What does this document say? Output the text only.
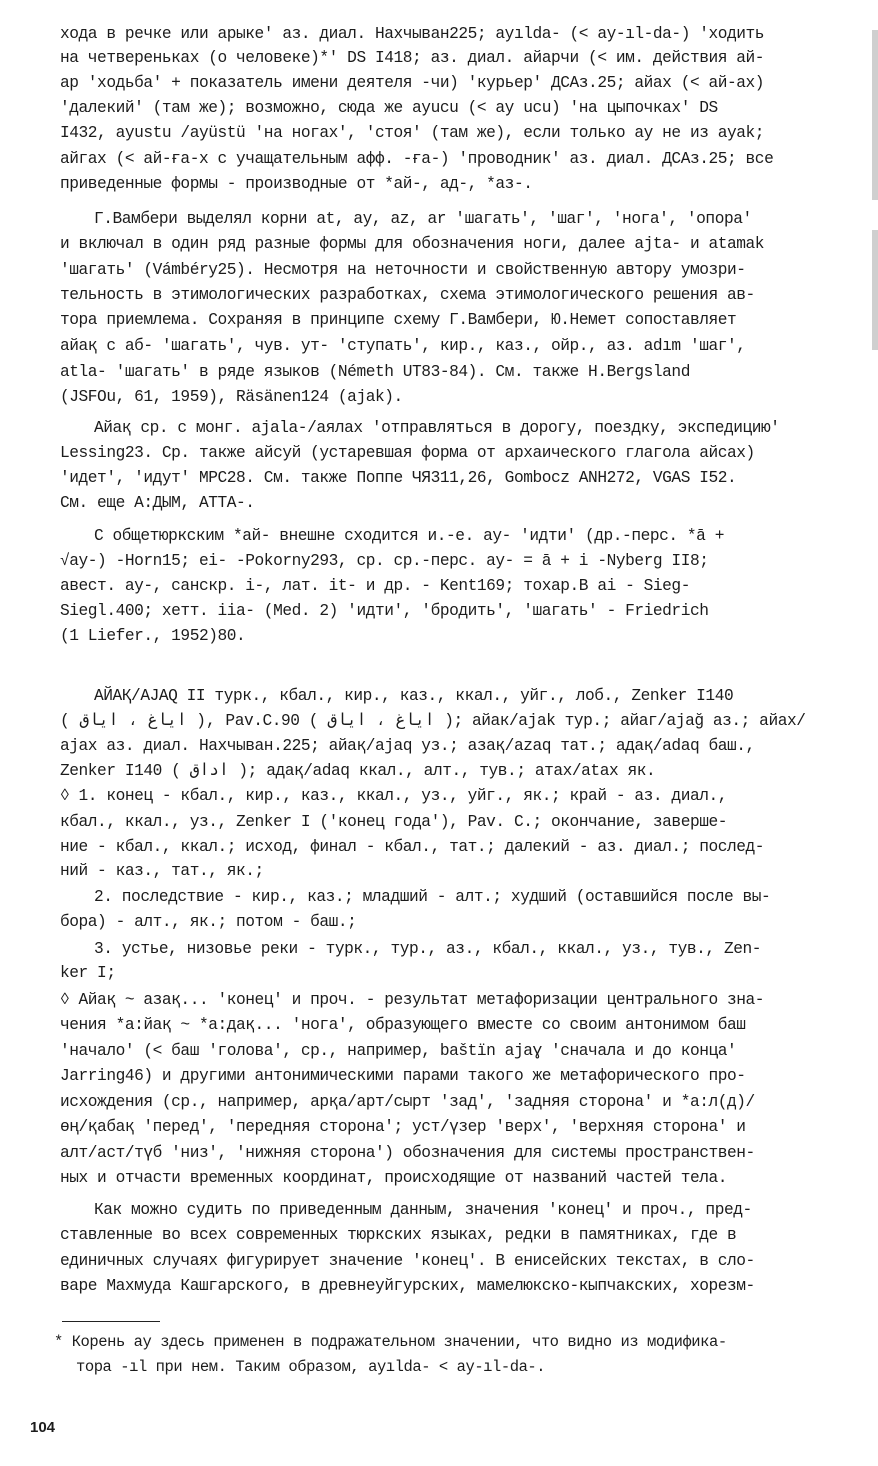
хода в речке или арыке' аз. диал. Нахчыван225; ayılda- (< ay-ıl-da-) 'ходить
на четвереньках (о человеке)*' DS I418; аз. диал. айарчи (< им. действия ай-
ар 'ходьба' + показатель имени деятеля -чи) 'курьер' ДСАз.25; айах (< ай-ах)
'далекий' (там же); возможно, сюда же ayucu (< ay ucu) 'на цыпочках' DS
I432, ayustu /ayüstü 'на ногах', 'стоя' (там же), если только ay не из ayak;
айгах (< ай-ға-х с учащательным афф. -ға-) 'проводник' аз. диал. ДСАз.25; все
приведенные формы - производные от *ай-, ад-, *аз-.
Г.Вамбери выделял корни at, ay, az, ar 'шагать', 'шаг', 'нога', 'опора'
и включал в один ряд разные формы для обозначения ноги, далее ajta- и atamak
'шагать' (Vámbéry25). Несмотря на неточности и свойственную автору умозри-
тельность в этимологических разработках, схема этимологического решения ав-
тора приемлема. Сохраняя в принципе схему Г.Вамбери, Ю.Немет сопоставляет
айақ с аб- 'шагать', чув. ут- 'ступать', кир., каз., ойр., аз. adım 'шаг',
atla- 'шагать' в ряде языков (Németh UT83-84). См. также H.Bergsland
(JSFOu, 61, 1959), Räsänen124 (ajak).
Айақ ср. с монг. ajala-/аялах 'отправляться в дорогу, поездку, экспедицию'
Lessing23. Ср. также айсуй (устаревшая форма от архаического глагола айсах)
'идет', 'идут' МРС28. См. также Поппе ЧЯ311,26, Gombocz ANH272, VGAS I52.
См. еще А:ДЫМ, АТТА-.
С общетюркским *ай- внешне сходится и.-е. ay- 'идти' (др.-перс. *ā +
√ay-) -Horn15; ei- -Pokorny293, ср. ср.-перс. ay- = ā + i -Nyberg II8;
авест. ay-, санскр. i-, лат. it- и др. - Kent169; тохар.В ai - Sieg-
Siegl.400; хетт. iia- (Med. 2) 'идти', 'бродить', 'шагать' - Friedrich
(1 Liefer., 1952)80.
АЙАҚ/AJAQ II турк., кбал., кир., каз., ккал., уйг., лоб., Zenker I140
( اياغ ، اياق ), Pav.C.90 ( اياغ ، اياق ); айак/ajak тур.; айаг/ajağ аз.; айах/
ajax аз. диал. Нахчыван.225; айақ/ajaq уз.; азақ/azaq тат.; адақ/adaq баш.,
Zenker I140 ( اداق ); адақ/adaq ккал., алт., тув.; атах/atax як.
◊ 1. конец - кбал., кир., каз., ккал., уз., уйг., як.; край - аз. диал.,
кбал., ккал., уз., Zenker I ('конец года'), Pav. C.; окончание, заверше-
ние - кбал., ккал.; исход, финал - кбал., тат.; далекий - аз. диал.; послед-
ний - каз., тат., як.;
2. последствие - кир., каз.; младший - алт.; худший (оставшийся после вы-
бора) - алт., як.; потом - баш.;
3. устье, низовье реки - турк., тур., аз., кбал., ккал., уз., тув., Zen-
ker I;
◊ Айақ ~ азақ... 'конец' и проч. - результат метафоризации центрального зна-
чения *а:йақ ~ *а:дақ... 'нога', образующего вместе со своим антонимом баш
'начало' (< баш 'голова', ср., например, baštïn ajaɣ 'сначала и до конца'
Jarring46) и другими антонимическими парами такого же метафорического про-
исхождения (ср., например, арқа/арт/сырт 'зад', 'задняя сторона' и *а:л(д)/
өң/қабақ 'перед', 'передняя сторона'; уст/үзер 'верх', 'верхняя сторона' и
алт/аст/түб 'низ', 'нижняя сторона') обозначения для системы пространствен-
ных и отчасти временных координат, происходящие от названий частей тела.
Как можно судить по приведенным данным, значения 'конец' и проч., пред-
ставленные во всех современных тюркских языках, редки в памятниках, где в
единичных случаях фигурирует значение 'конец'. В енисейских текстах, в сло-
варе Махмуда Кашгарского, в древнеуйгурских, мамелюкско-кыпчакских, хорезм-
* Корень ay здесь применен в подражательном значении, что видно из модифика-
тора -ıl при нем. Таким образом, ayılda- < ay-ıl-da-.
104
